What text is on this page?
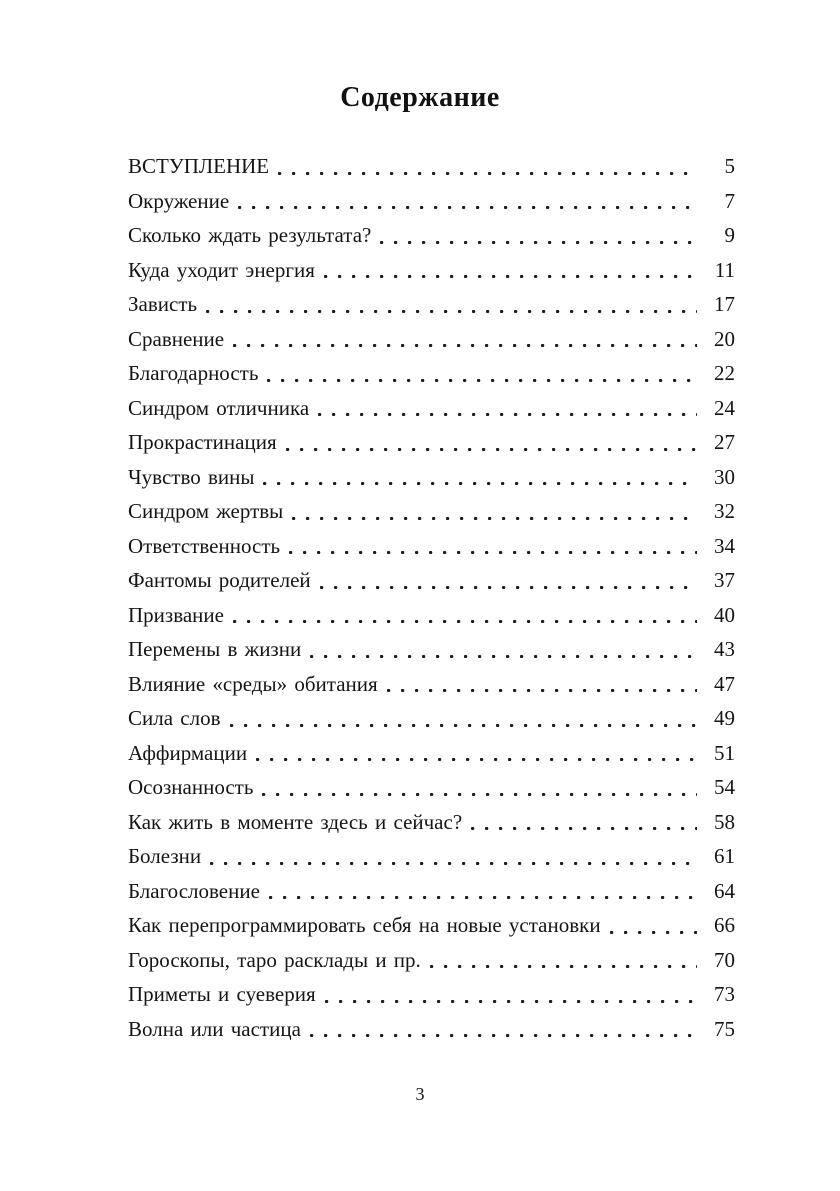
Содержание
ВСТУПЛЕНИЕ	5
Окружение	7
Сколько ждать результата?	9
Куда уходит энергия	11
Зависть	17
Сравнение	20
Благодарность	22
Синдром отличника	24
Прокрастинация	27
Чувство вины	30
Синдром жертвы	32
Ответственность	34
Фантомы родителей	37
Призвание	40
Перемены в жизни	43
Влияние «среды» обитания	47
Сила слов	49
Аффирмации	51
Осознанность	54
Как жить в моменте здесь и сейчас?	58
Болезни	61
Благословение	64
Как перепрограммировать себя на новые установки	66
Гороскопы, таро расклады и пр.	70
Приметы и суеверия	73
Волна или частица	75
3
